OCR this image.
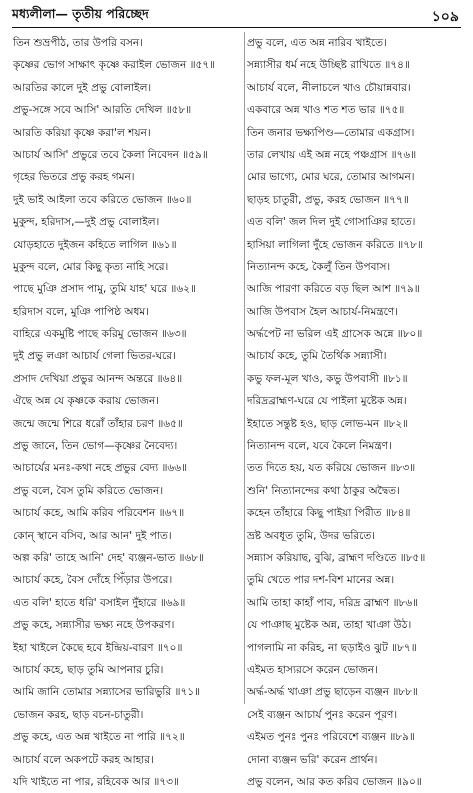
মধ্যলীলা— তৃতীয় পরিচ্ছেদ	১০৯
তিন শুভ্রপীঠ, তার উপরি বসন।
কৃষ্ণের ভোগ সাক্ষাৎ কৃষ্ণে করাইল ভোজন ॥৫৭॥
আরতির কালে দুই প্রভু বোলাইল।
প্রভু-সঙ্গে সবে আসি' আরতি দেখিল ॥৫৮॥
আরতি করিয়া কৃষ্ণে করা'ল শয়ন।
আচার্য আসি' প্রভুরে তবে কৈলা নিবেদন ॥৫৯॥
গৃহের ভিতরে প্রভু করহ গমন।
দুই ভাই আইলা তবে করিতে ভোজন ॥৬০॥
মুকুন্দ, হরিদাস,—দুই প্রভু বোলাইল।
যোড়হাতে দুইজন কহিতে লাগিল ॥৬১॥
মুকুন্দ বলে, মোর কিছু কৃত্য নাহি সরে।
পাছে মুঞি প্রসাদ পামু, তুমি যাহ' ঘরে ॥৬২॥
হরিদাস বলে, মুঞি পাপিষ্ঠ অধম।
বাহিরে একমুষ্টি পাছে করিমু ভোজন ॥৬৩॥
দুই প্রভু লঞা আচার্য গেলা ভিতর-ঘরে।
প্রসাদ দেখিয়া প্রভুর আনন্দ অন্তরে ॥৬৪॥
ঐছে অন্ন যে কৃষ্ণকে করায় ভোজন।
জন্মে জন্মে শিরে ধরোঁ তাঁহার চরণ ॥৬৫॥
প্রভু জানে, তিন ভোগ—কৃষ্ণের নৈবেদ্য।
আচার্যের মনঃ-কথা নহে প্রভুর বেদ্য ॥৬৬॥
প্রভু বলে, বৈস তুমি করিতে ভোজন।
আচার্য কহে, আমি করিব পরিবেশন ॥৬৭॥
কোন্ স্থানে বসিব, আর আন' দুই পাত।
অল্প করি' তাহে আনি' দেহ' ব্যঞ্জন-ভাত ॥৬৮॥
আচার্য কহে, বৈস দোঁহে পিঁড়ার উপরে।
এত বলি' হাতে ধরি' বসাইল দুঁহারে ॥৬৯॥
প্রভু কহে, সন্ন্যাসীর ভক্ষ্য নহে উপকরণ।
ইহা খাইলে কৈছে হবে ইন্দ্রিয়-বারণ ॥৭০॥
আচার্য কহে, ছাড় তুমি আপনার চুরি।
আমি জানি তোমার সন্ন্যাসের ভারিভুরি ॥৭১॥
ভোজন করহ, ছাড় বচন-চাতুরী।
প্রভু কহে, এত অন্ন খাইতে না পারি ॥৭২॥
আচার্য বলে অকপটে করহ আহার।
যদি খাইতে না পার, রহিবেক আর ॥৭৩॥
প্রভু বলে, এত অন্ন নারিব খাইতে।
সন্ন্যাসীর ধর্ম নহে উচ্ছিষ্ট রাখিতে ॥৭৪॥
আচার্য বলে, নীলাচলে খাও চৌয়ান্নবার।
একবারে অন্ন খাও শত শত ভার ॥৭৫॥
তিন জনার ভক্ষ্যপিণ্ড—তোমার একগ্রাস।
তার লেখায় এই অন্ন নহে পঞ্চগ্রাস ॥৭৬॥
মোর ভাগ্যে, মোর ঘরে, তোমার আগমন।
ছাড়হ চাতুরী, প্রভু, করহ ভোজন ॥৭৭॥
এত বলি' জল দিল দুই গোসাঞির হাতে।
হাসিয়া লাগিলা দুঁহে ভোজন করিতে ॥৭৮॥
নিত্যানন্দ কহে, কৈলুঁ তিন উপবাস।
আজি পারণা করিতে বড় ছিল আশ ॥৭৯॥
আজি উপবাস হৈল আচার্য-নিমন্ত্রণে।
অর্দ্ধপেট না ভরিল এই গ্রাসেক অন্নে ॥৮০॥
আচার্য কহে, তুমি তৈর্থিক সন্ন্যাসী।
কভু ফল-মূল খাও, কভু উপবাসী ॥৮১॥
দরিদ্রব্রাহ্মণ-ঘরে যে পাইলা মুষ্টেক অন্ন।
ইহাতে সন্তুষ্ট হও, ছাড় লোভ-মন ॥৮২॥
নিত্যানন্দ বলে, যবে কৈলে নিমন্ত্রণ।
তত দিতে হয়, যত করিয়ে ভোজন ॥৮৩॥
শুনি' নিত্যানন্দের কথা ঠাকুর অদ্বৈত।
কহেন তাঁহারে কিছু পাইয়া পিরীত ॥৮৪॥
ভ্রষ্ট অবধূত তুমি, উদর ভরিতে।
সন্ন্যাস করিয়াছ, বুঝি, ব্রাহ্মণ দণ্ডিতে ॥৮৫॥
তুমি খেতে পার দশ-বিশ মানের অন্ন।
আমি তাহা কাহাঁ পাব, দরিদ্র ব্রাহ্মণ ॥৮৬॥
যে পাঞাছ মুষ্টেক অন্ন, তাহা খাঞা উঠ।
পাগলামি না করিহ, না ছড়াইও ঝুট ॥৮৭॥
এইমত হাস্যরসে করেন ভোজন।
অর্দ্ধ-অর্দ্ধ খাঞা প্রভু ছাড়েন ব্যঞ্জন ॥৮৮॥
সেই ব্যঞ্জন আচার্য পুনঃ করেন পূরণ।
এইমত পুনঃ পুনঃ পরিবেশে ব্যঞ্জন ॥৮৯॥
দোনা ব্যঞ্জন ভরি' করেন প্রার্থন।
প্রভু বলেন, আর কত করিব ভোজন ॥৯০॥
